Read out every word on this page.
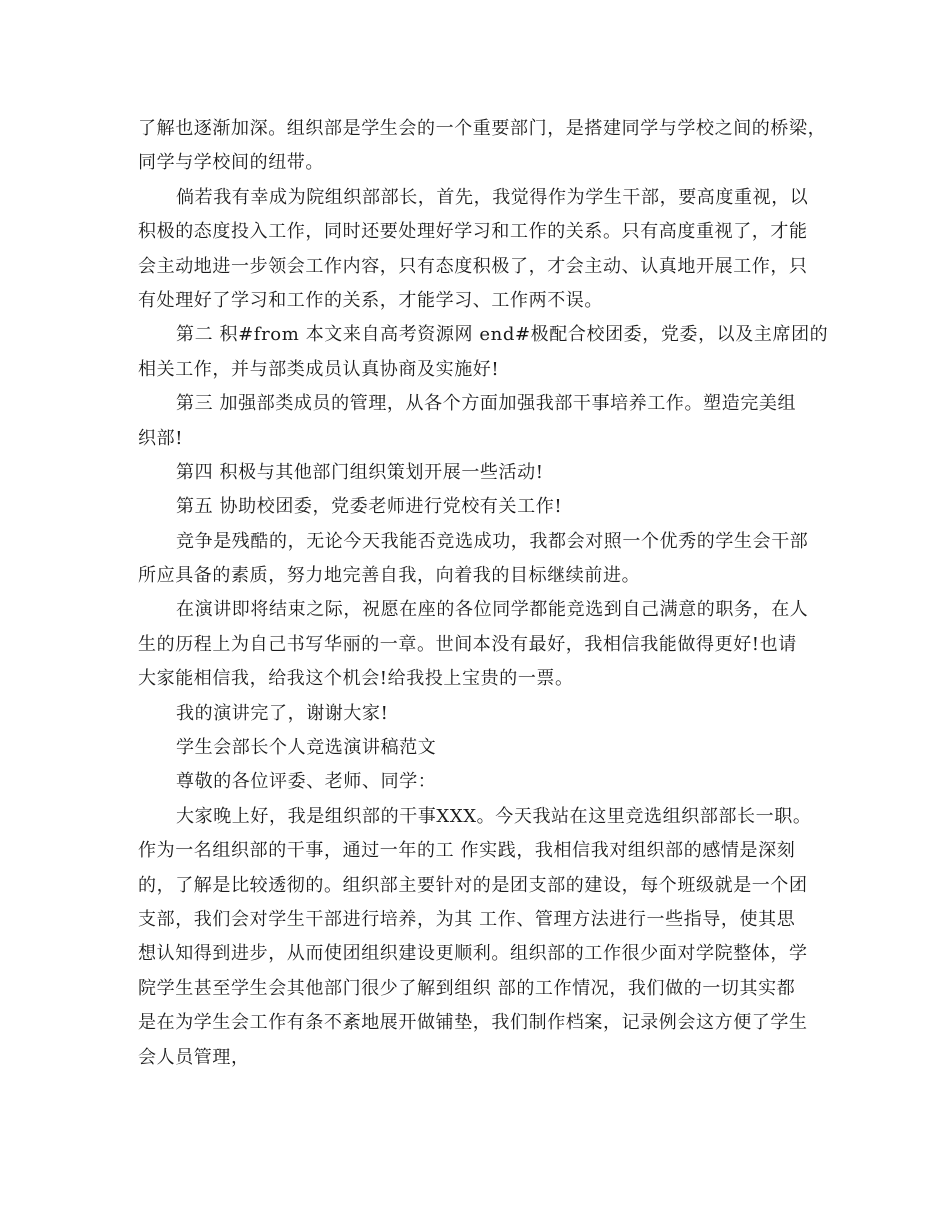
了解也逐渐加深。组织部是学生会的一个重要部门，是搭建同学与学校之间的桥梁，
同学与学校间的纽带。
倘若我有幸成为院组织部部长，首先，我觉得作为学生干部，要高度重视，以
积极的态度投入工作，同时还要处理好学习和工作的关系。只有高度重视了，才能
会主动地进一步领会工作内容，只有态度积极了，才会主动、认真地开展工作，只
有处理好了学习和工作的关系，才能学习、工作两不误。
第二 积#from 本文来自高考资源网 end#极配合校团委，党委，以及主席团的
相关工作，并与部类成员认真协商及实施好!
第三 加强部类成员的管理，从各个方面加强我部干事培养工作。塑造完美组
织部!
第四 积极与其他部门组织策划开展一些活动!
第五 协助校团委，党委老师进行党校有关工作!
竞争是残酷的，无论今天我能否竞选成功，我都会对照一个优秀的学生会干部
所应具备的素质，努力地完善自我，向着我的目标继续前进。
在演讲即将结束之际，祝愿在座的各位同学都能竞选到自己满意的职务，在人
生的历程上为自己书写华丽的一章。世间本没有最好，我相信我能做得更好!也请
大家能相信我，给我这个机会!给我投上宝贵的一票。
我的演讲完了，谢谢大家!
学生会部长个人竞选演讲稿范文
尊敬的各位评委、老师、同学：
大家晚上好，我是组织部的干事XXX。今天我站在这里竞选组织部部长一职。
作为一名组织部的干事，通过一年的工 作实践，我相信我对组织部的感情是深刻
的，了解是比较透彻的。组织部主要针对的是团支部的建设，每个班级就是一个团
支部，我们会对学生干部进行培养，为其 工作、管理方法进行一些指导，使其思
想认知得到进步，从而使团组织建设更顺利。组织部的工作很少面对学院整体，学
院学生甚至学生会其他部门很少了解到组织 部的工作情况，我们做的一切其实都
是在为学生会工作有条不紊地展开做铺垫，我们制作档案，记录例会这方便了学生
会人员管理，
